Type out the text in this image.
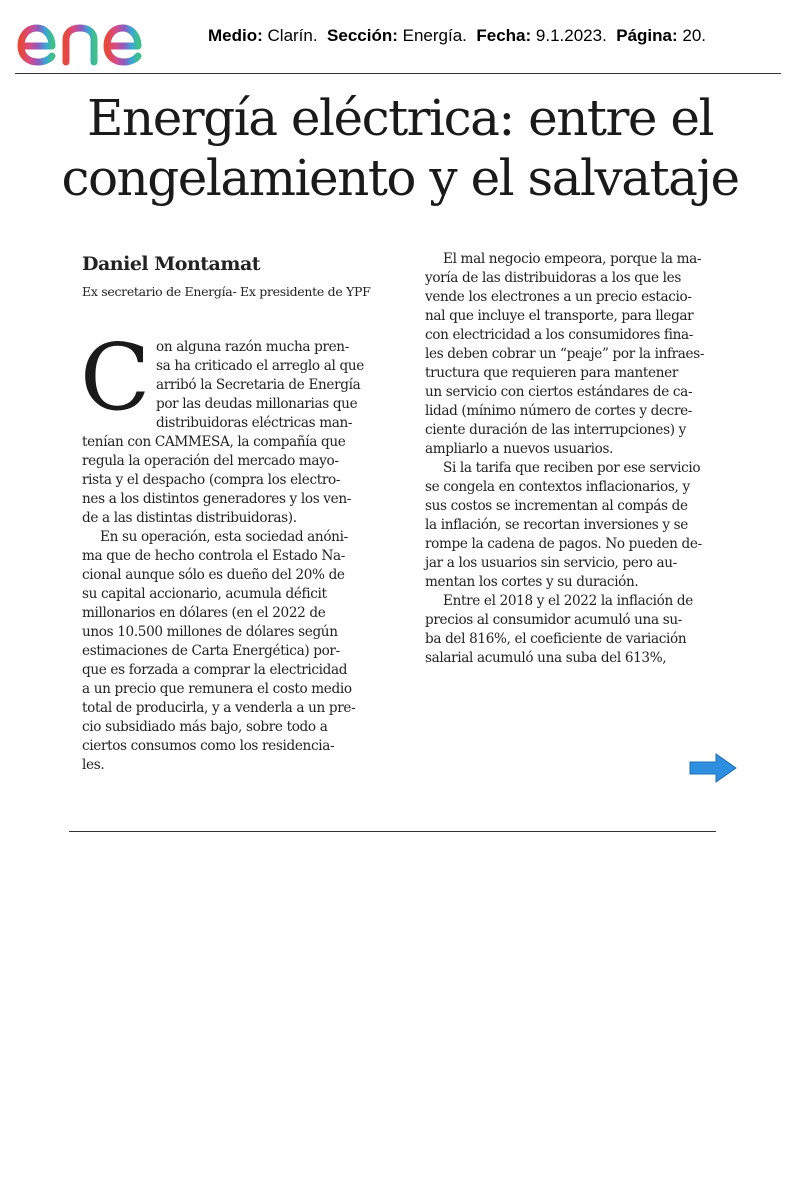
Medio: Clarín. Sección: Energía. Fecha: 9.1.2023. Página: 20.
Energía eléctrica: entre el
congelamiento y el salvataje
Daniel Montamat
Ex secretario de Energía- Ex presidente de YPF
C on alguna razón mucha pren-
sa ha criticado el arreglo al que
arribó la Secretaria de Energía
por las deudas millonarias que
distribuidoras eléctricas man-
tenían con CAMMESA, la compañía que
regula la operación del mercado mayo-
rista y el despacho (compra los electro-
nes a los distintos generadores y los ven-
de a las distintas distribuidoras).
En su operación, esta sociedad anóni-
ma que de hecho controla el Estado Na-
cional aunque sólo es dueño del 20% de
su capital accionario, acumula déficit
millonarios en dólares (en el 2022 de
unos 10.500 millones de dólares según
estimaciones de Carta Energética) por-
que es forzada a comprar la electricidad
a un precio que remunera el costo medio
total de producirla, y a venderla a un pre-
cio subsidiado más bajo, sobre todo a
ciertos consumos como los residencia-
les.
El mal negocio empeora, porque la ma-
yoría de las distribuidoras a los que les
vende los electrones a un precio estacio-
nal que incluye el transporte, para llegar
con electricidad a los consumidores fina-
les deben cobrar un “peaje” por la infraes-
tructura que requieren para mantener
un servicio con ciertos estándares de ca-
lidad (mínimo número de cortes y decre-
ciente duración de las interrupciones) y
ampliarlo a nuevos usuarios.
Si la tarifa que reciben por ese servicio
se congela en contextos inflacionarios, y
sus costos se incrementan al compás de
la inflación, se recortan inversiones y se
rompe la cadena de pagos. No pueden de-
jar a los usuarios sin servicio, pero au-
mentan los cortes y su duración.
Entre el 2018 y el 2022 la inflación de
precios al consumidor acumuló una su-
ba del 816%, el coeficiente de variación
salarial acumuló una suba del 613%,
